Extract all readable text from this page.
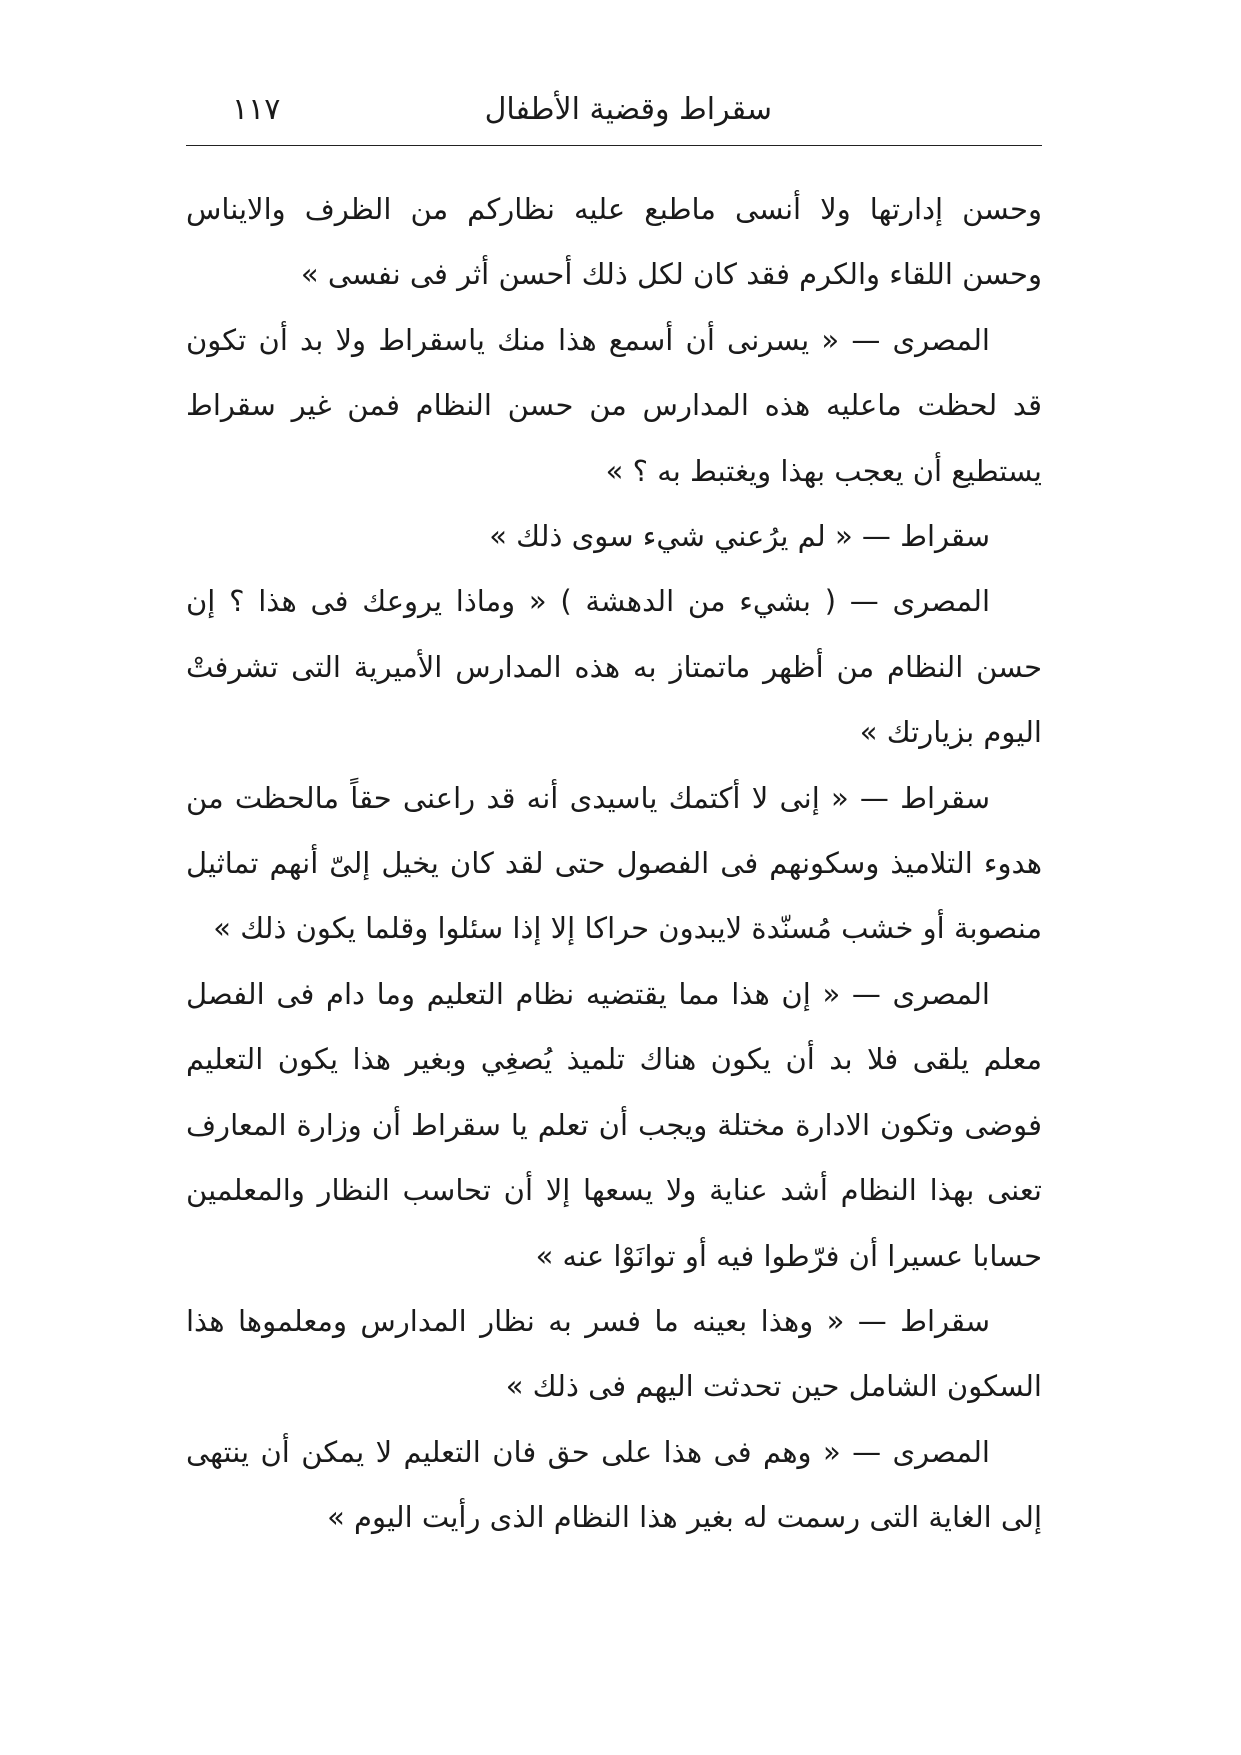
سقراط وقضية الأطفال
١١٧

وحسن إدارتها ولا أنسى ماطبع عليه نظاركم من الظرف والايناس وحسن اللقاء والكرم فقد كان لكل ذلك أحسن أثر فى نفسى »

المصرى — « يسرنى أن أسمع هذا منك ياسقراط ولا بد أن تكون قد لحظت ماعليه هذه المدارس من حسن النظام فمن غير سقراط يستطيع أن يعجب بهذا ويغتبط به ؟ »

سقراط — « لم يرُعني شيء سوى ذلك »

المصرى — ( بشيء من الدهشة ) « وماذا يروعك فى هذا ؟ إن حسن النظام من أظهر ماتمتاز به هذه المدارس الأميرية التى تشرفتْ اليوم بزيارتك »

سقراط — « إنى لا أكتمك ياسيدى أنه قد راعنى حقاً مالحظت من هدوء التلاميذ وسكونهم فى الفصول حتى لقد كان يخيل إلىّ أنهم تماثيل منصوبة أو خشب مُسنّدة لايبدون حراكا إلا إذا سئلوا وقلما يكون ذلك »

المصرى — « إن هذا مما يقتضيه نظام التعليم وما دام فى الفصل معلم يلقى فلا بد أن يكون هناك تلميذ يُصغِي وبغير هذا يكون التعليم فوضى وتكون الادارة مختلة ويجب أن تعلم يا سقراط أن وزارة المعارف تعنى بهذا النظام أشد عناية ولا يسعها إلا أن تحاسب النظار والمعلمين حسابا عسيرا أن فرّطوا فيه أو توانَوْا عنه »

سقراط — « وهذا بعينه ما فسر به نظار المدارس ومعلموها هذا السكون الشامل حين تحدثت اليهم فى ذلك »

المصرى — « وهم فى هذا على حق فان التعليم لا يمكن أن ينتهى إلى الغاية التى رسمت له بغير هذا النظام الذى رأيت اليوم »
